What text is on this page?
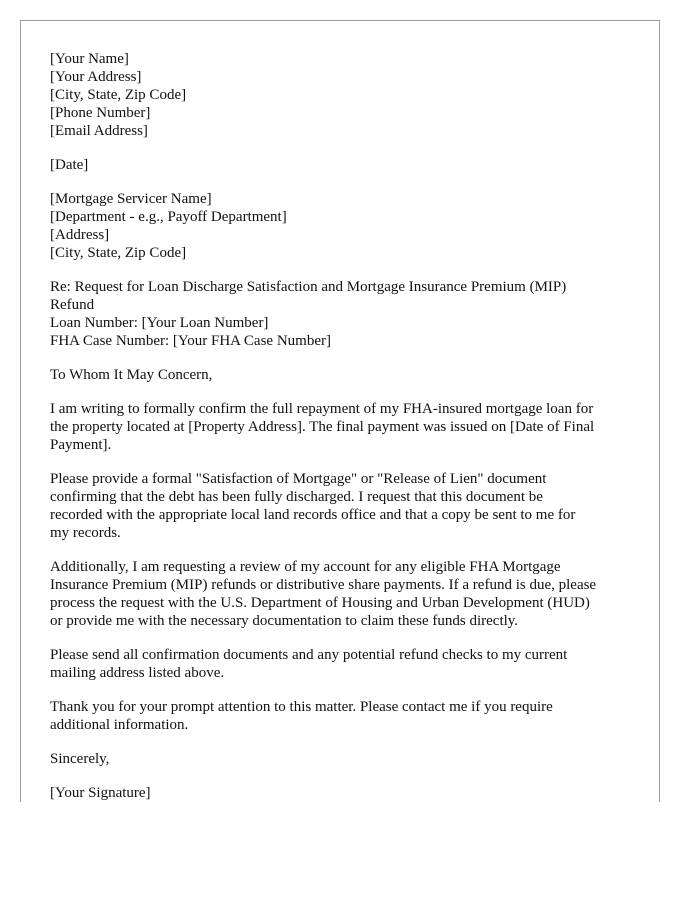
[Your Name]
[Your Address]
[City, State, Zip Code]
[Phone Number]
[Email Address]
[Date]
[Mortgage Servicer Name]
[Department - e.g., Payoff Department]
[Address]
[City, State, Zip Code]
Re: Request for Loan Discharge Satisfaction and Mortgage Insurance Premium (MIP)
Refund
Loan Number: [Your Loan Number]
FHA Case Number: [Your FHA Case Number]
To Whom It May Concern,
I am writing to formally confirm the full repayment of my FHA-insured mortgage loan for
the property located at [Property Address]. The final payment was issued on [Date of Final
Payment].
Please provide a formal "Satisfaction of Mortgage" or "Release of Lien" document
confirming that the debt has been fully discharged. I request that this document be
recorded with the appropriate local land records office and that a copy be sent to me for
my records.
Additionally, I am requesting a review of my account for any eligible FHA Mortgage
Insurance Premium (MIP) refunds or distributive share payments. If a refund is due, please
process the request with the U.S. Department of Housing and Urban Development (HUD)
or provide me with the necessary documentation to claim these funds directly.
Please send all confirmation documents and any potential refund checks to my current
mailing address listed above.
Thank you for your prompt attention to this matter. Please contact me if you require
additional information.
Sincerely,
[Your Signature]
